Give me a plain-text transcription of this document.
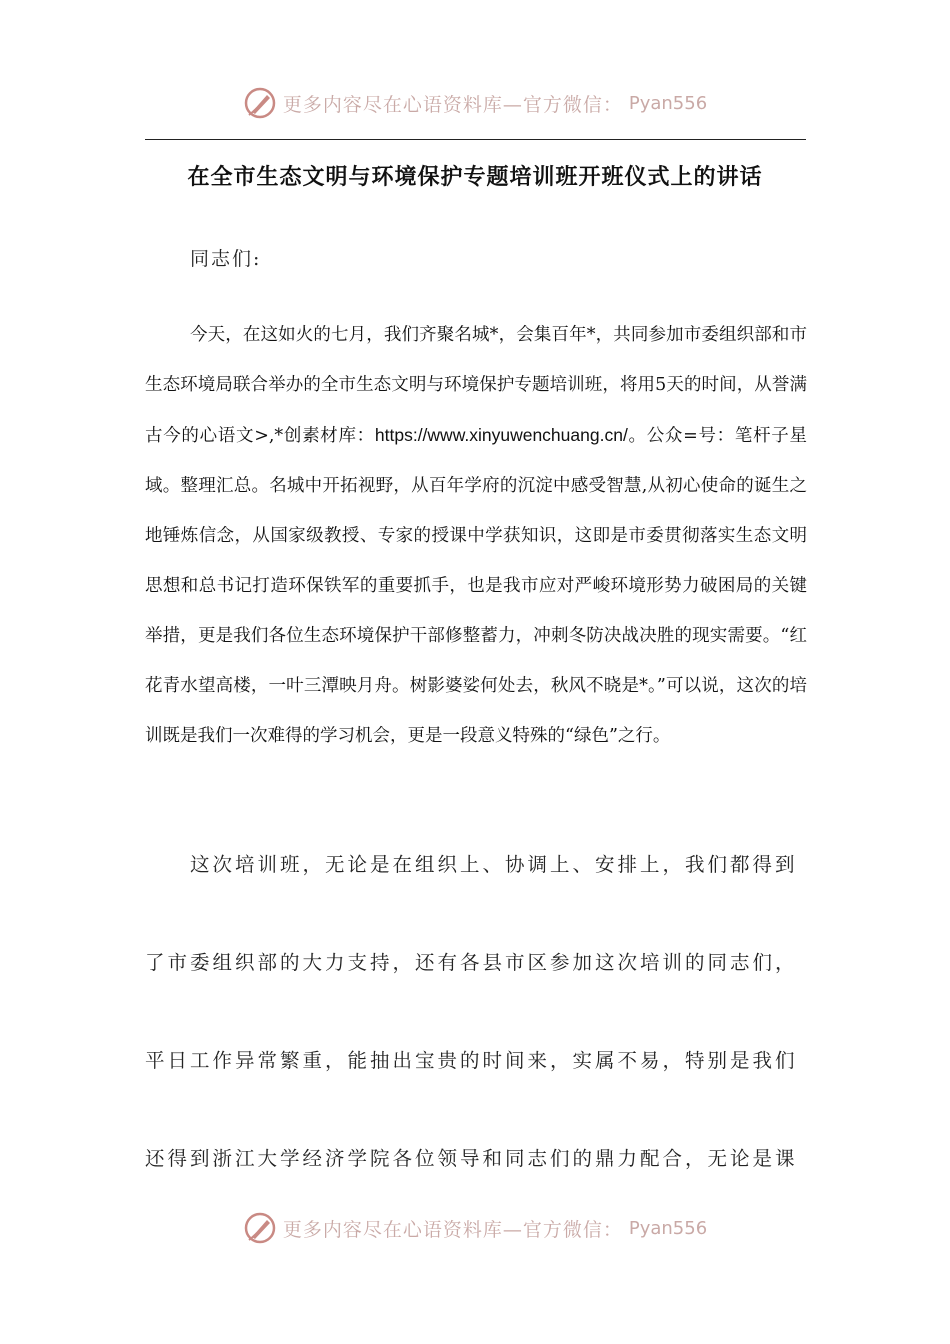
更多内容尽在心语资料库—官方微信： Pyan556
在全市生态文明与环境保护专题培训班开班仪式上的讲话
同志们:

今天，在这如火的七月，我们齐聚名城*，会集百年*，共同参加市委组织部和市生态环境局联合举办的全市生态文明与环境保护专题培训班，将用5天的时间，从誉满古今的心语文>,*创素材库：https://www.xinyuwenchuang.cn/。公众=号：笔杆子星域。整理汇总。名城中开拓视野，从百年学府的沉淀中感受智慧,从初心使命的诞生之地锤炼信念，从国家级教授、专家的授课中学获知识，这即是市委贯彻落实生态文明思想和总书记打造环保铁军的重要抓手，也是我市应对严峻环境形势力破困局的关键举措，更是我们各位生态环境保护干部修整蓄力，冲刺冬防决战决胜的现实需要。“红花青水望高楼，一叶三潭映月舟。树影婆娑何处去，秋风不晓是*。”可以说，这次的培训既是我们一次难得的学习机会，更是一段意义特殊的“绿色”之行。

这次培训班，无论是在组织上、协调上、安排上，我们都得到
了市委组织部的大力支持，还有各县市区参加这次培训的同志们，
平日工作异常繁重，能抽出宝贵的时间来，实属不易，特别是我们
还得到浙江大学经济学院各位领导和同志们的鼎力配合，无论是课
更多内容尽在心语资料库—官方微信： Pyan556
